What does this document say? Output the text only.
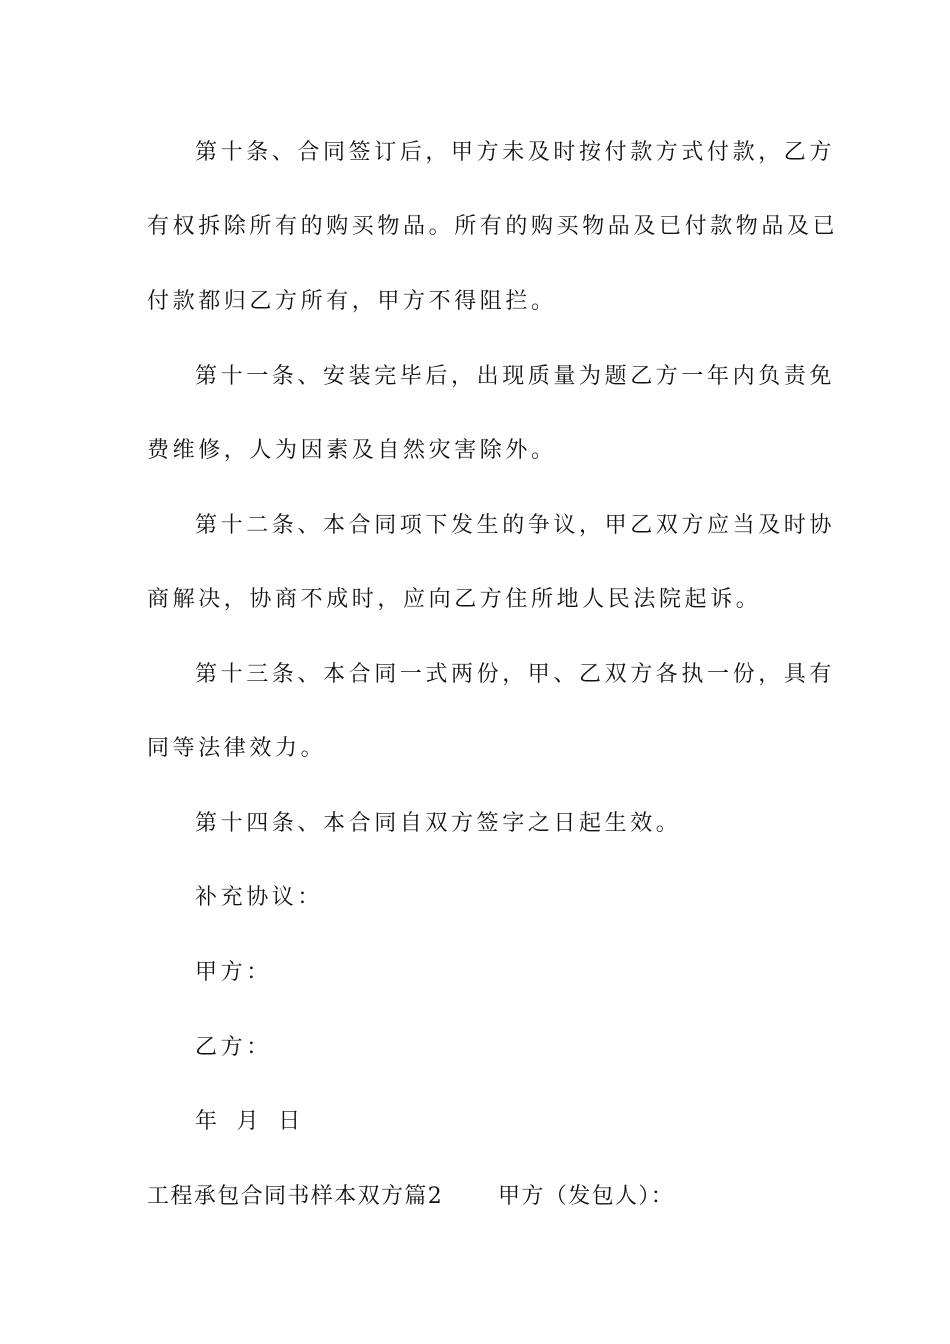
第十条、合同签订后，甲方未及时按付款方式付款，乙方
有权拆除所有的购买物品。所有的购买物品及已付款物品及已
付款都归乙方所有，甲方不得阻拦。
第十一条、安装完毕后，出现质量为题乙方一年内负责免
费维修，人为因素及自然灾害除外。
第十二条、本合同项下发生的争议，甲乙双方应当及时协
商解决，协商不成时，应向乙方住所地人民法院起诉。
第十三条、本合同一式两份，甲、乙双方各执一份，具有
同等法律效力。
第十四条、本合同自双方签字之日起生效。
补充协议：
甲方：
乙方：
年 月 日
工程承包合同书样本双方篇2 甲方（发包人）：
